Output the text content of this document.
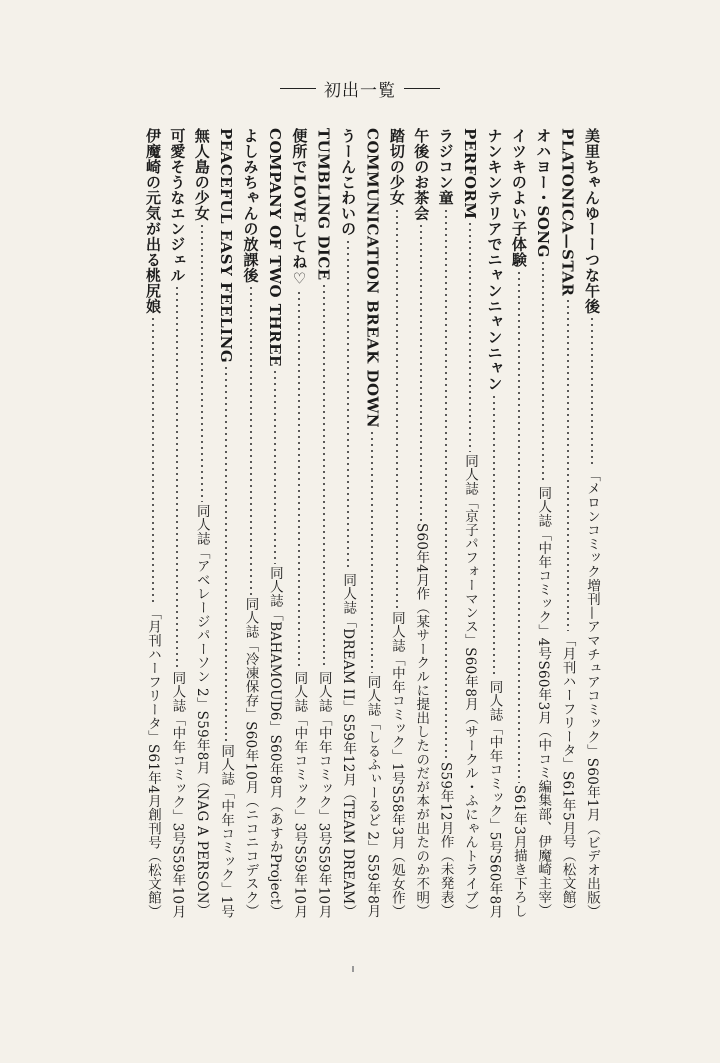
初出一覧
美里ちゃんゆーーつな午後
「メロンコミック増刊—アマチュアコミック」S60年1月（ビデオ出版）
PLATONICA—STAR
「月刊ハーフリータ」S61年5月号（松文館）
オハヨー・SONG
同人誌「中年コミック」4号S60年3月（中コミ編集部、伊魔崎主宰）
イツキのよい子体験
S61年3月描き下ろし
ナンキンテリアでニャンニャンニャン
同人誌「中年コミック」5号S60年8月
PERFORM
同人誌「京子パフォーマンス」S60年8月（サークル・ふにゃんトライブ）
ラジコン童
S59年12月作（未発表）
午後のお茶会
S60年4月作（某サークルに提出したのだが本が出たのか不明）
踏切の少女
同人誌「中年コミック」1号S58年3月（処女作）
COMMUNICATION BREAK DOWN
同人誌「しるふぃーるど 2」S59年8月
うーんこわいの
同人誌「DREAM II」S59年12月（TEAM DREAM）
TUMBLING DICE
同人誌「中年コミック」3号S59年10月
便所でLOVEしてね♡
同人誌「中年コミック」3号S59年10月
COMPANY OF TWO THREE
同人誌「BAHAMOUD6」S60年8月（あすかProject）
よしみちゃんの放課後
同人誌「冷凍保存」S60年10月（ニコニコデスク）
PEACEFUL EASY FEELING
同人誌「中年コミック」1号
無人島の少女
同人誌「アベレージパーソン 2」S59年8月（NAG A PERSON）
可愛そうなエンジェル
同人誌「中年コミック」3号S59年10月
伊魔崎の元気が出る桃尻娘
「月刊ハーフリータ」S61年4月創刊号（松文館）
